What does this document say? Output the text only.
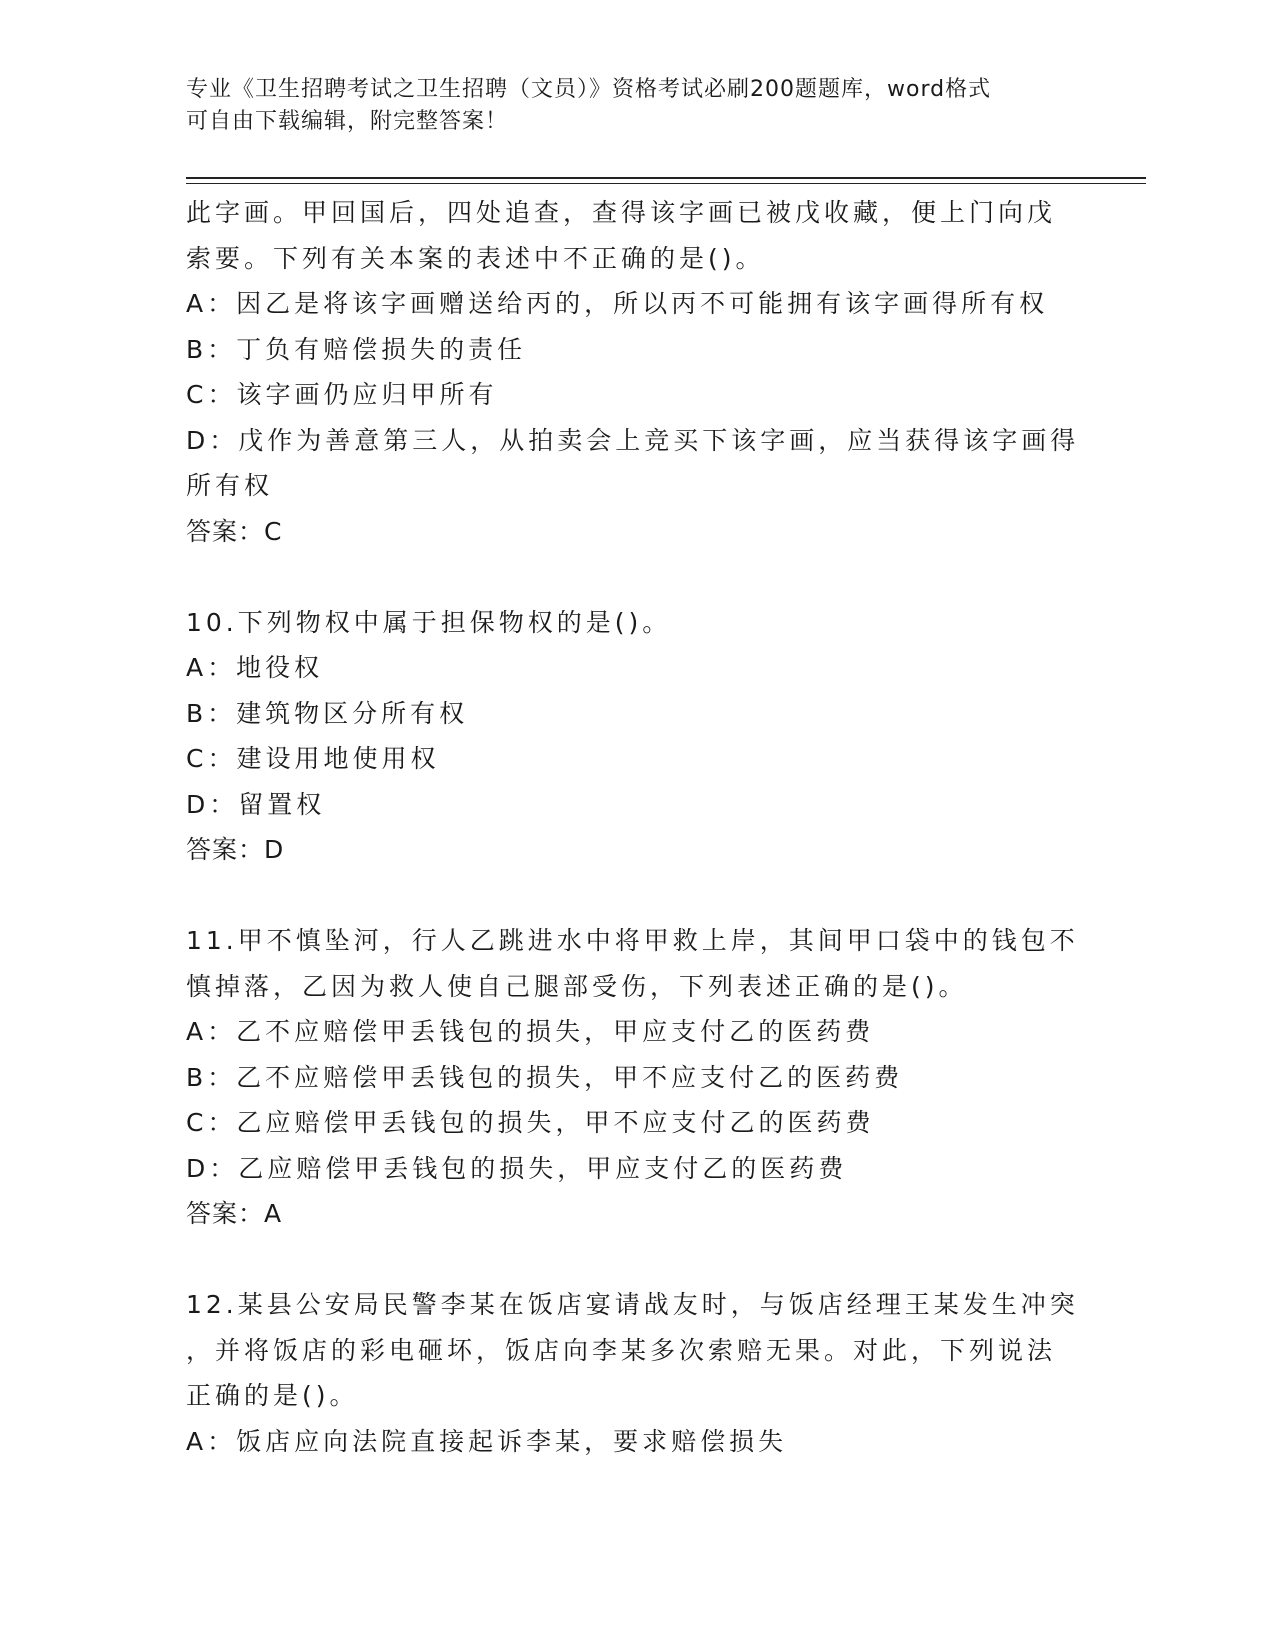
专业《卫生招聘考试之卫生招聘（文员）》资格考试必刷200题题库，word格式
可自由下载编辑，附完整答案！
此字画。甲回国后，四处追查，查得该字画已被戊收藏，便上门向戊
索要。下列有关本案的表述中不正确的是()。
A：因乙是将该字画赠送给丙的，所以丙不可能拥有该字画得所有权
B：丁负有赔偿损失的责任
C：该字画仍应归甲所有
D：戊作为善意第三人，从拍卖会上竞买下该字画，应当获得该字画得
所有权
答案：C
10.下列物权中属于担保物权的是()。
A：地役权
B：建筑物区分所有权
C：建设用地使用权
D：留置权
答案：D
11.甲不慎坠河，行人乙跳进水中将甲救上岸，其间甲口袋中的钱包不
慎掉落，乙因为救人使自己腿部受伤，下列表述正确的是()。
A：乙不应赔偿甲丢钱包的损失，甲应支付乙的医药费
B：乙不应赔偿甲丢钱包的损失，甲不应支付乙的医药费
C：乙应赔偿甲丢钱包的损失，甲不应支付乙的医药费
D：乙应赔偿甲丢钱包的损失，甲应支付乙的医药费
答案：A
12.某县公安局民警李某在饭店宴请战友时，与饭店经理王某发生冲突
，并将饭店的彩电砸坏，饭店向李某多次索赔无果。对此，下列说法
正确的是()。
A：饭店应向法院直接起诉李某，要求赔偿损失
